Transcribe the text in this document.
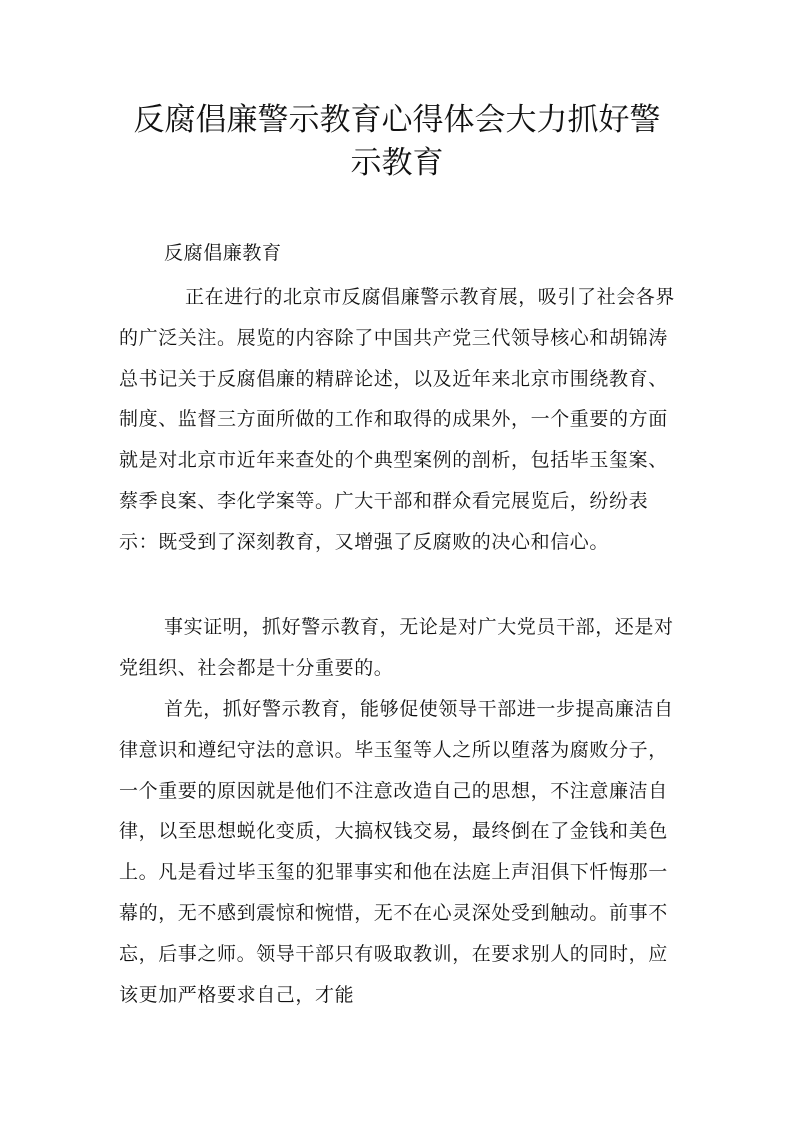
反腐倡廉警示教育心得体会大力抓好警示教育

反腐倡廉教育

正在进行的北京市反腐倡廉警示教育展，吸引了社会各界的广泛关注。展览的内容除了中国共产党三代领导核心和胡锦涛总书记关于反腐倡廉的精辟论述，以及近年来北京市围绕教育、制度、监督三方面所做的工作和取得的成果外，一个重要的方面就是对北京市近年来查处的个典型案例的剖析，包括毕玉玺案、蔡季良案、李化学案等。广大干部和群众看完展览后，纷纷表示：既受到了深刻教育，又增强了反腐败的决心和信心。

事实证明，抓好警示教育，无论是对广大党员干部，还是对党组织、社会都是十分重要的。

首先，抓好警示教育，能够促使领导干部进一步提高廉洁自律意识和遵纪守法的意识。毕玉玺等人之所以堕落为腐败分子，一个重要的原因就是他们不注意改造自己的思想，不注意廉洁自律，以至思想蜕化变质，大搞权钱交易，最终倒在了金钱和美色上。凡是看过毕玉玺的犯罪事实和他在法庭上声泪俱下忏悔那一幕的，无不感到震惊和惋惜，无不在心灵深处受到触动。前事不忘，后事之师。领导干部只有吸取教训，在要求别人的同时，应该更加严格要求自己，才能
